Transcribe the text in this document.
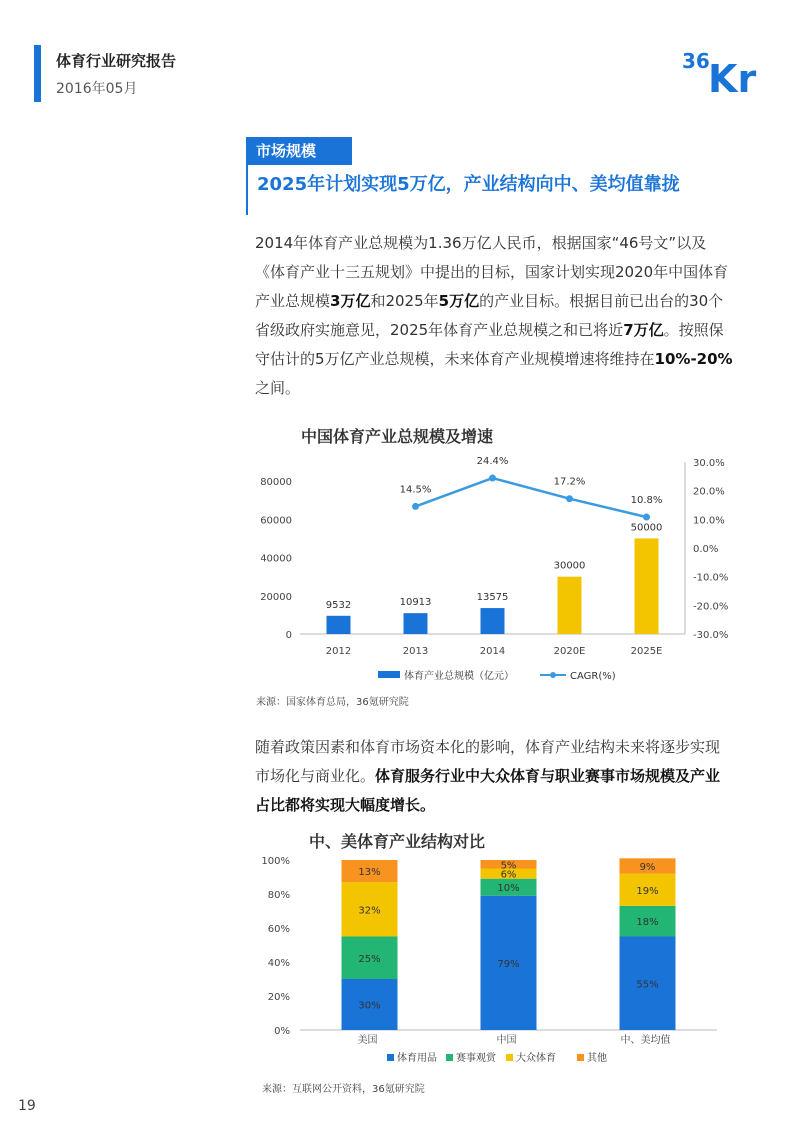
体育行业研究报告
2016年05月
36
Kr
市场规模
2025年计划实现5万亿，产业结构向中、美均值靠拢

2014年体育产业总规模为1.36万亿人民币，根据国家“46号文”以及《体育产业十三五规划》中提出的目标，国家计划实现2020年中国体育产业总规模3万亿和2025年5万亿的产业目标。根据目前已出台的30个省级政府实施意见，2025年体育产业总规模之和已将近7万亿。按照保守估计的5万亿产业总规模，未来体育产业规模增速将维持在10%-20%之间。

中国体育产业总规模及增速
0
20000
40000
60000
80000
-30.0%
-20.0%
-10.0%
0.0%
10.0%
20.0%
30.0%
9532
2012
10913
2013
13575
2014
30000
2020E
50000
2025E
14.5%
24.4%
17.2%
10.8%
体育产业总规模（亿元）	CAGR(%)
来源：国家体育总局，36氪研究院

随着政策因素和体育市场资本化的影响，体育产业结构未来将逐步实现市场化与商业化。体育服务行业中大众体育与职业赛事市场规模及产业占比都将实现大幅度增长。

中、美体育产业结构对比
0%
20%
40%
60%
80%
100%
30%
25%
32%
13%
美国
79%
10%
6%
5%
中国
55%
18%
19%
9%
中、美均值
体育用品 赛事观赏 大众体育	其他
来源：互联网公开资料，36氪研究院
19
